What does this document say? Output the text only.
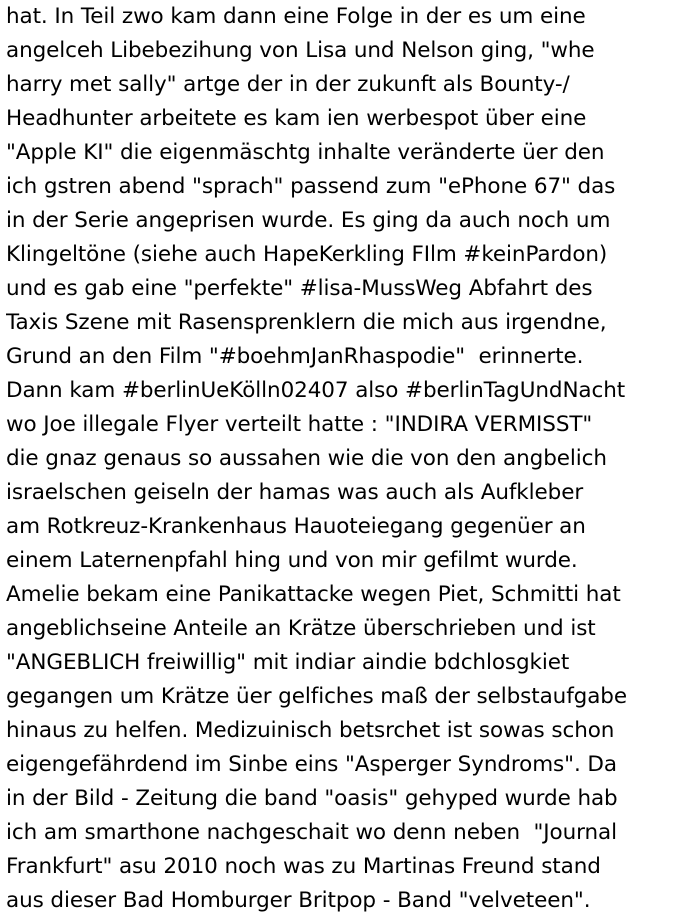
hat. In Teil zwo kam dann eine Folge in der es um eine
angelceh Libebezihung von Lisa und Nelson ging, "whe
harry met sally" artge der in der zukunft als Bounty-/
Headhunter arbeitete es kam ien werbespot über eine
"Apple KI" die eigenmäschtg inhalte veränderte üer den
ich gstren abend "sprach" passend zum "ePhone 67" das
in der Serie angeprisen wurde. Es ging da auch noch um
Klingeltöne (siehe auch HapeKerkling FIlm #keinPardon)
und es gab eine "perfekte" #lisa-MussWeg Abfahrt des
Taxis Szene mit Rasensprenklern die mich aus irgendne,
Grund an den Film "#boehmJanRhaspodie"  erinnerte.
Dann kam #berlinUeKölln02407 also #berlinTagUndNacht
wo Joe illegale Flyer verteilt hatte : "INDIRA VERMISST"
die gnaz genaus so aussahen wie die von den angbelich
israelschen geiseln der hamas was auch als Aufkleber
am Rotkreuz-Krankenhaus Hauoteiegang gegenüer an
einem Laternenpfahl hing und von mir gefilmt wurde.
Amelie bekam eine Panikattacke wegen Piet, Schmitti hat
angeblichseine Anteile an Krätze überschrieben und ist
"ANGEBLICH freiwillig" mit indiar aindie bdchlosgkiet
gegangen um Krätze üer gelfiches maß der selbstaufgabe
hinaus zu helfen. Medizuinisch betsrchet ist sowas schon
eigengefährdend im Sinbe eins "Asperger Syndroms". Da
in der Bild - Zeitung die band "oasis" gehyped wurde hab
ich am smarthone nachgeschait wo denn neben  "Journal
Frankfurt" asu 2010 noch was zu Martinas Freund stand
aus dieser Bad Homburger Britpop - Band "velveteen".
